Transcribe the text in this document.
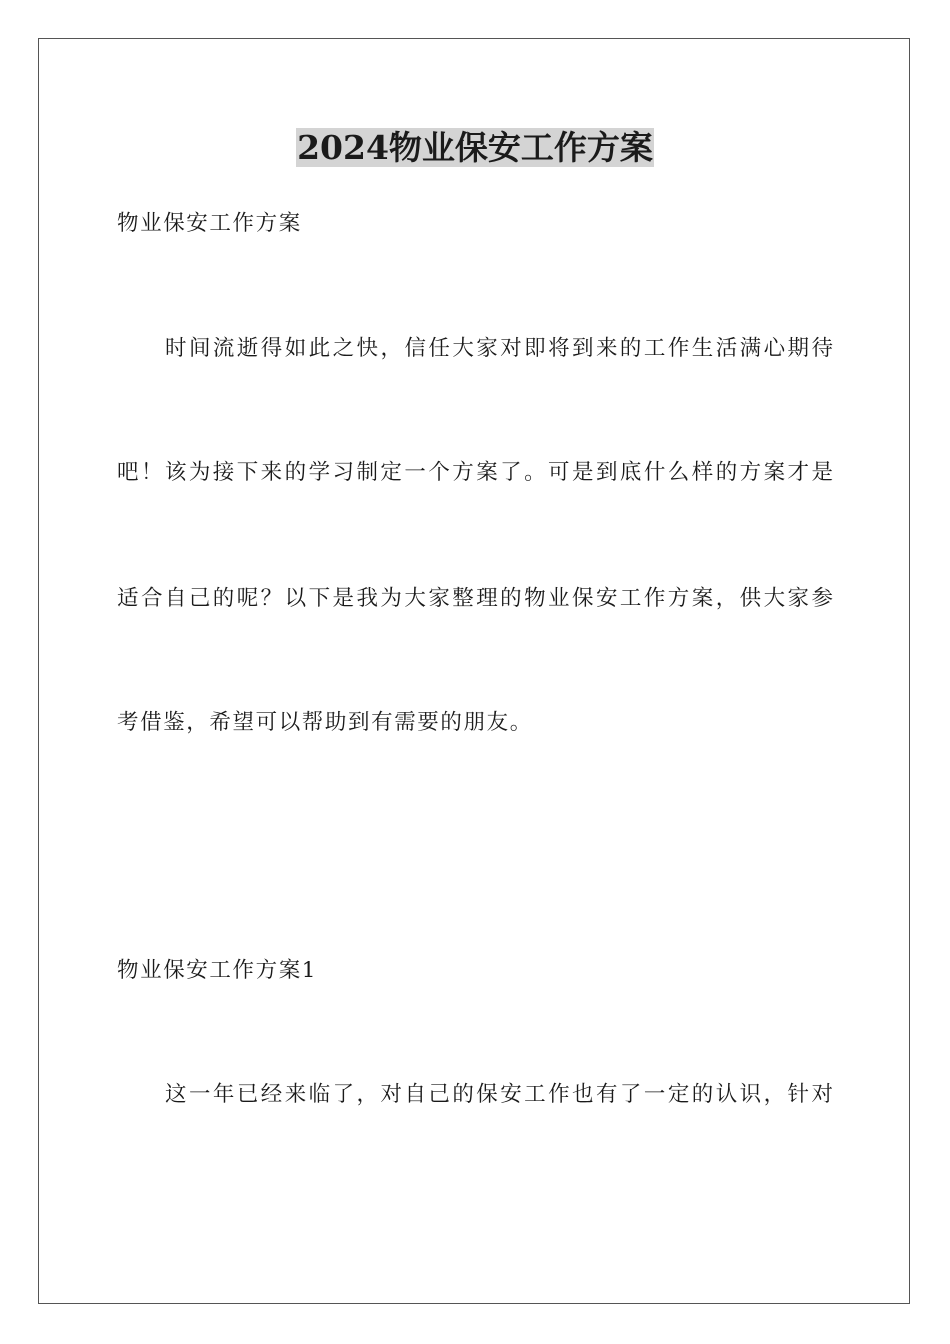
2024物业保安工作方案
物业保安工作方案
时间流逝得如此之快，信任大家对即将到来的工作生活满心期待
吧！该为接下来的学习制定一个方案了。可是到底什么样的方案才是
适合自己的呢？以下是我为大家整理的物业保安工作方案，供大家参
考借鉴，希望可以帮助到有需要的朋友。
物业保安工作方案1
这一年已经来临了，对自己的保安工作也有了一定的认识，针对
